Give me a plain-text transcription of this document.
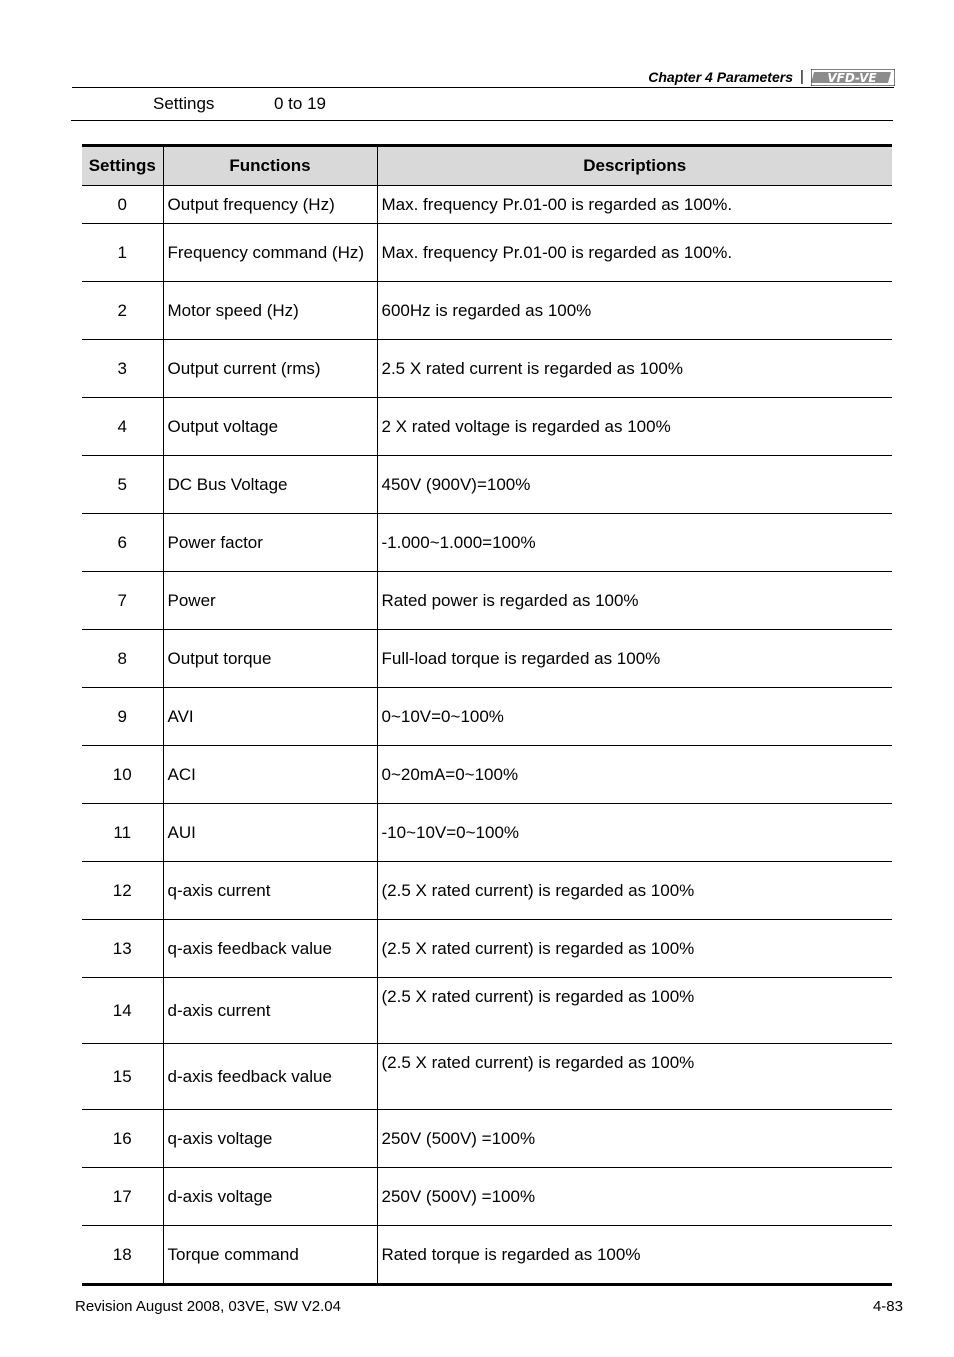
Chapter 4 Parameters | VFD-VE
Settings	0 to 19
Settings	Functions	Descriptions
0	Output frequency (Hz)	Max. frequency Pr.01-00 is regarded as 100%.
1	Frequency command (Hz)	Max. frequency Pr.01-00 is regarded as 100%.
2	Motor speed (Hz)	600Hz is regarded as 100%
3	Output current (rms)	2.5 X rated current is regarded as 100%
4	Output voltage	2 X rated voltage is regarded as 100%
5	DC Bus Voltage	450V (900V)=100%
6	Power factor	-1.000~1.000=100%
7	Power	Rated power is regarded as 100%
8	Output torque	Full-load torque is regarded as 100%
9	AVI	0~10V=0~100%
10	ACI	0~20mA=0~100%
11	AUI	-10~10V=0~100%
12	q-axis current	(2.5 X rated current) is regarded as 100%
13	q-axis feedback value	(2.5 X rated current) is regarded as 100%
14	d-axis current	(2.5 X rated current) is regarded as 100%
15	d-axis feedback value	(2.5 X rated current) is regarded as 100%
16	q-axis voltage	250V (500V) =100%
17	d-axis voltage	250V (500V) =100%
18	Torque command	Rated torque is regarded as 100%
Revision August 2008, 03VE, SW V2.04	4-83
